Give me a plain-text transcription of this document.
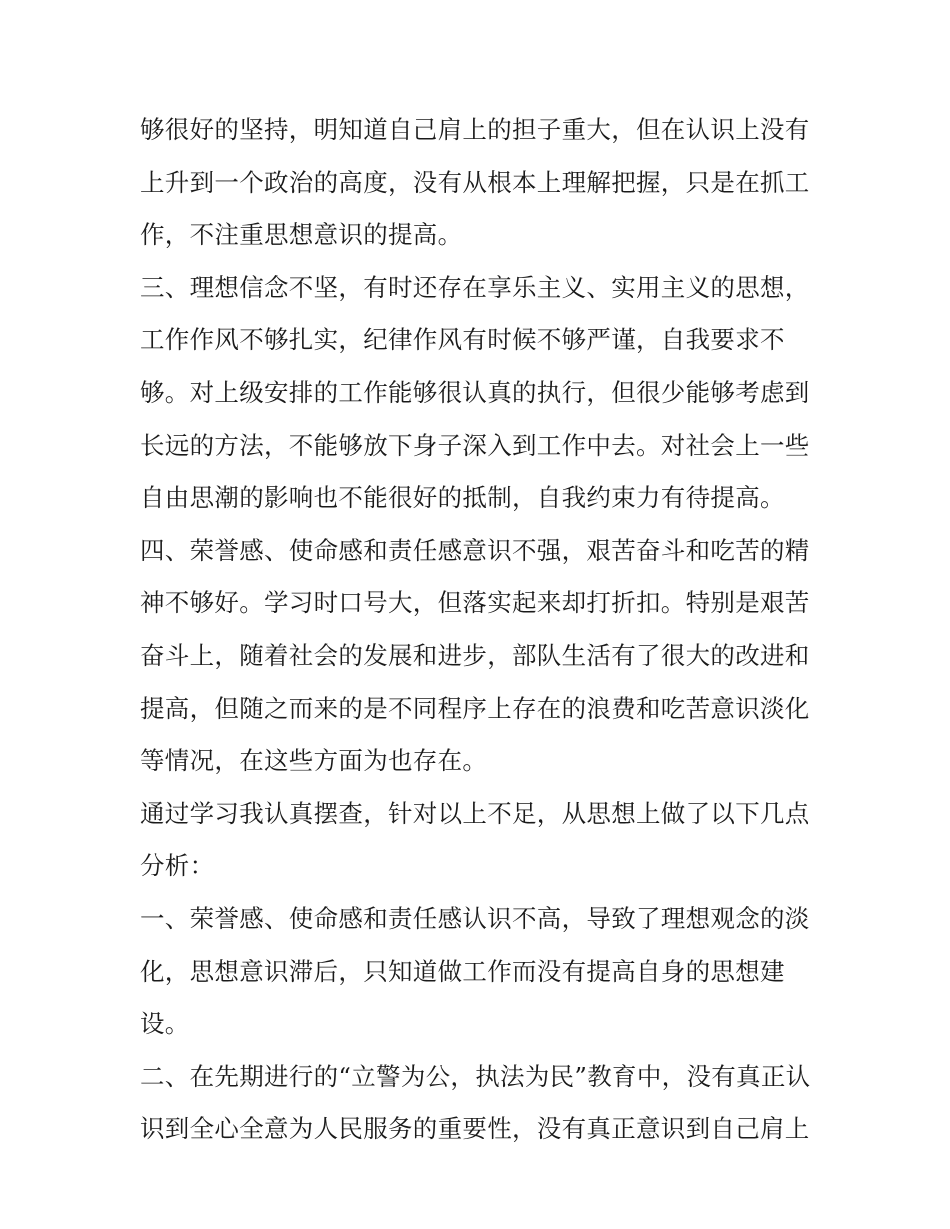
够很好的坚持，明知道自己肩上的担子重大，但在认识上没有
上升到一个政治的高度，没有从根本上理解把握，只是在抓工
作，不注重思想意识的提高。
三、理想信念不坚，有时还存在享乐主义、实用主义的思想，
工作作风不够扎实，纪律作风有时候不够严谨，自我要求不
够。对上级安排的工作能够很认真的执行，但很少能够考虑到
长远的方法，不能够放下身子深入到工作中去。对社会上一些
自由思潮的影响也不能很好的抵制，自我约束力有待提高。
四、荣誉感、使命感和责任感意识不强，艰苦奋斗和吃苦的精
神不够好。学习时口号大，但落实起来却打折扣。特别是艰苦
奋斗上，随着社会的发展和进步，部队生活有了很大的改进和
提高，但随之而来的是不同程序上存在的浪费和吃苦意识淡化
等情况，在这些方面为也存在。
通过学习我认真摆查，针对以上不足，从思想上做了以下几点
分析：
一、荣誉感、使命感和责任感认识不高，导致了理想观念的淡
化，思想意识滞后，只知道做工作而没有提高自身的思想建
设。
二、在先期进行的“立警为公，执法为民”教育中，没有真正认
识到全心全意为人民服务的重要性，没有真正意识到自己肩上
